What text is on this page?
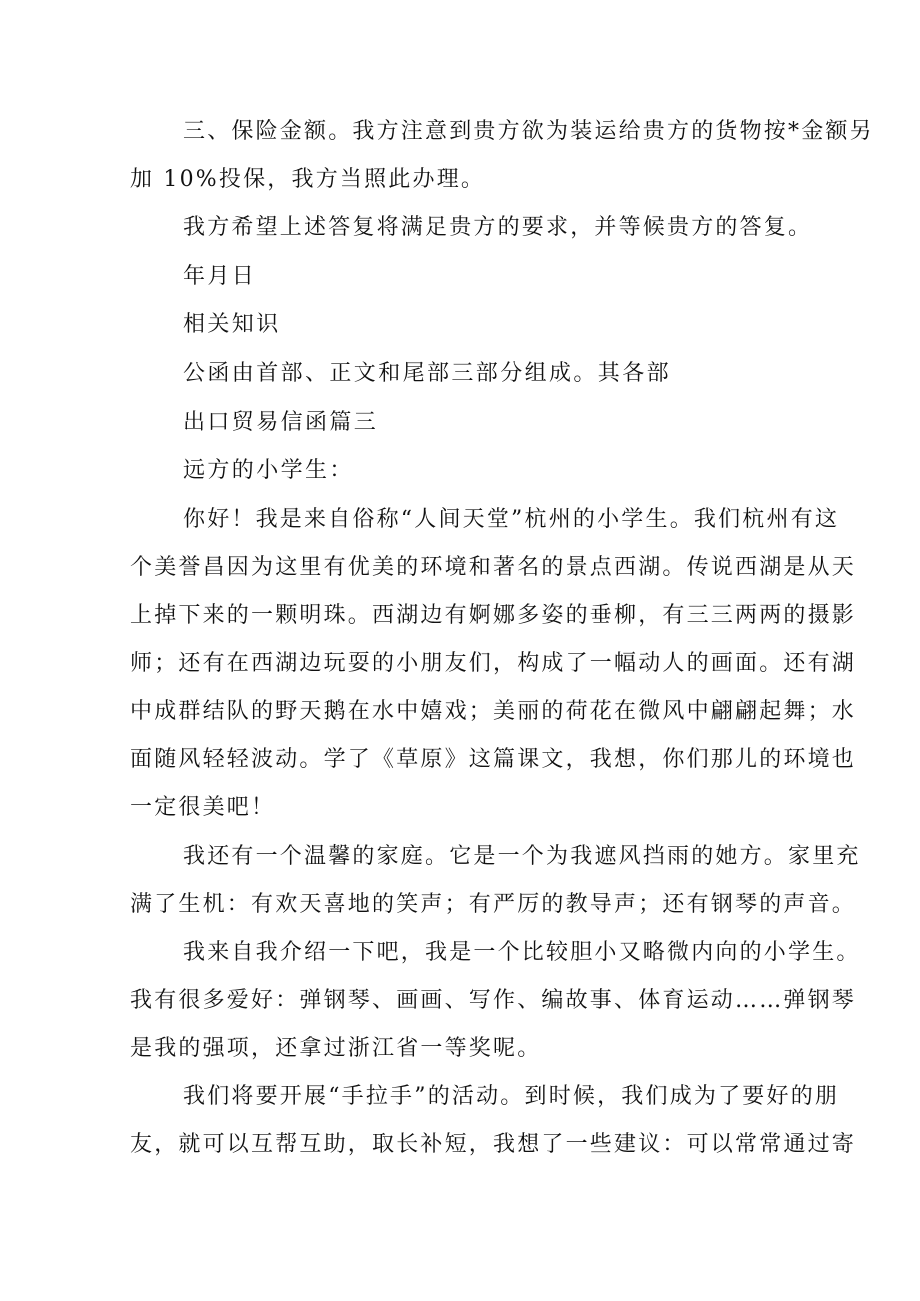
三、保险金额。我方注意到贵方欲为装运给贵方的货物按*金额另

加 10%投保，我方当照此办理。

我方希望上述答复将满足贵方的要求，并等候贵方的答复。

年月日

相关知识

公函由首部、正文和尾部三部分组成。其各部

出口贸易信函篇三

远方的小学生：

你好！我是来自俗称“人间天堂”杭州的小学生。我们杭州有这

个美誉昌因为这里有优美的环境和著名的景点西湖。传说西湖是从天

上掉下来的一颗明珠。西湖边有婀娜多姿的垂柳，有三三两两的摄影

师；还有在西湖边玩耍的小朋友们，构成了一幅动人的画面。还有湖

中成群结队的野天鹅在水中嬉戏；美丽的荷花在微风中翩翩起舞；水

面随风轻轻波动。学了《草原》这篇课文，我想，你们那儿的环境也

一定很美吧！

我还有一个温馨的家庭。它是一个为我遮风挡雨的她方。家里充

满了生机：有欢天喜地的笑声；有严厉的教导声；还有钢琴的声音。

我来自我介绍一下吧，我是一个比较胆小又略微内向的小学生。

我有很多爱好：弹钢琴、画画、写作、编故事、体育运动……弹钢琴

是我的强项，还拿过浙江省一等奖呢。

我们将要开展“手拉手”的活动。到时候，我们成为了要好的朋

友，就可以互帮互助，取长补短，我想了一些建议：可以常常通过寄
